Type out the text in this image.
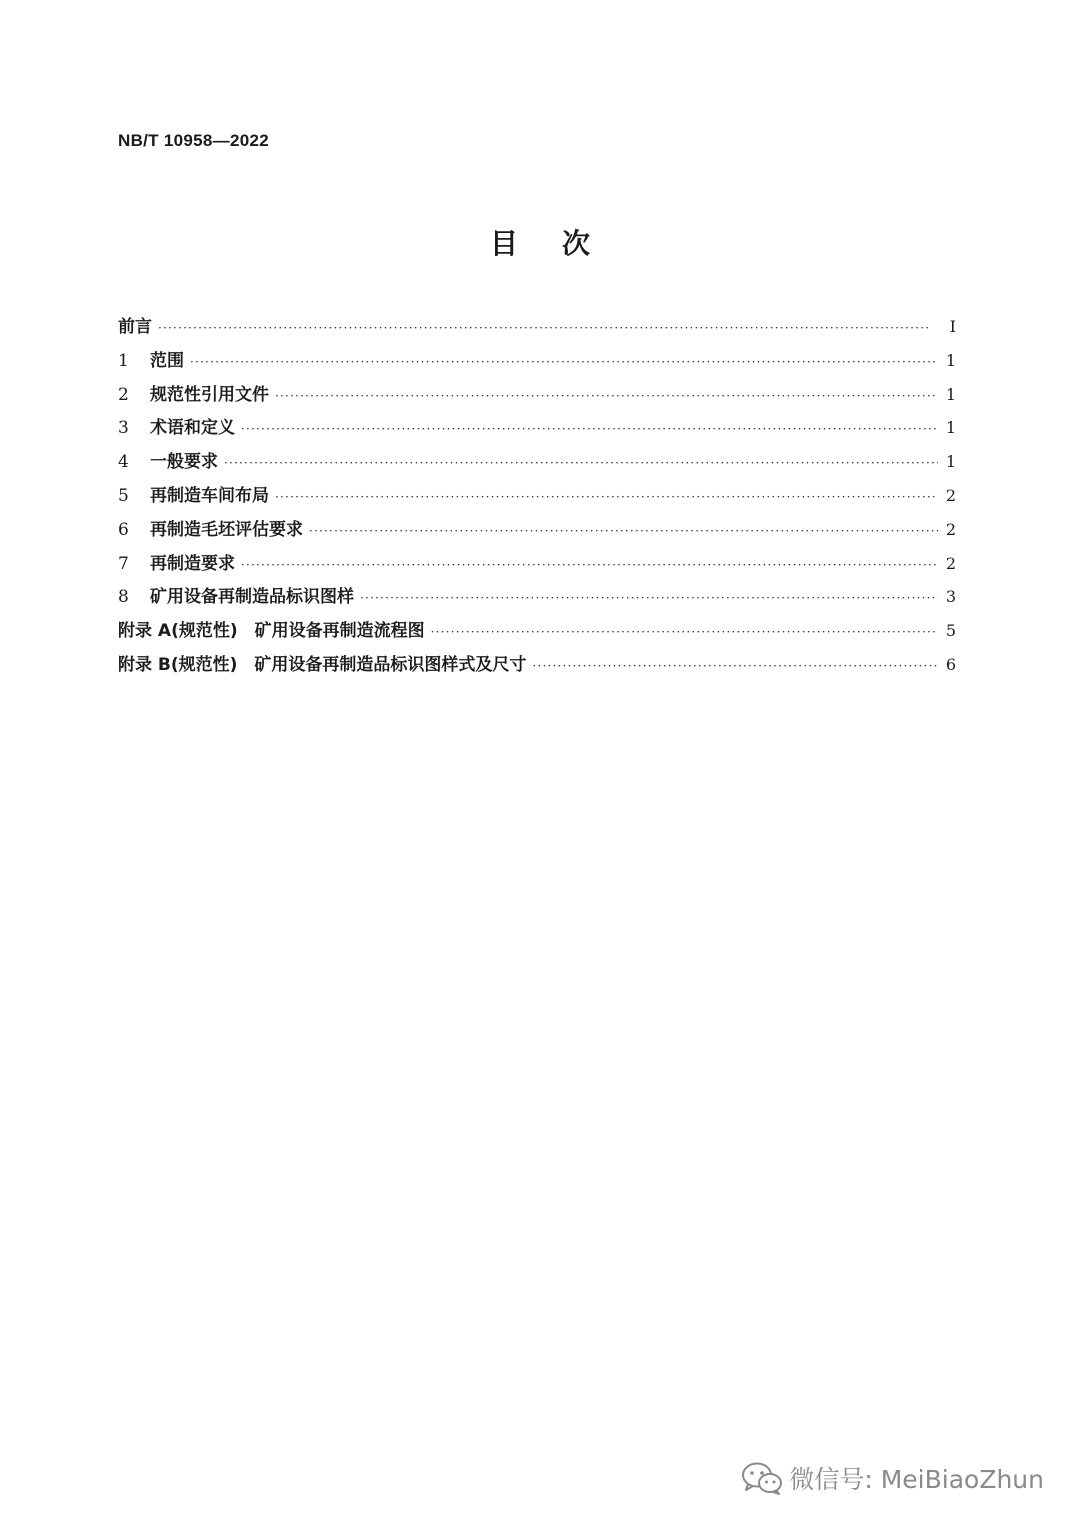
NB/T 10958—2022
目次
前言 ·····	I
1	范围 ·····	1
2	规范性引用文件 ·····	1
3	术语和定义 ·····	1
4	一般要求 ·····	1
5	再制造车间布局 ·····	2
6	再制造毛坯评估要求 ·····	2
7	再制造要求 ·····	2
8	矿用设备再制造品标识图样 ·····	3
附录 A(规范性)　矿用设备再制造流程图 ·····	5
附录 B(规范性)　矿用设备再制造品标识图样式及尺寸 ·····	6
微信号: MeiBiaoZhun
